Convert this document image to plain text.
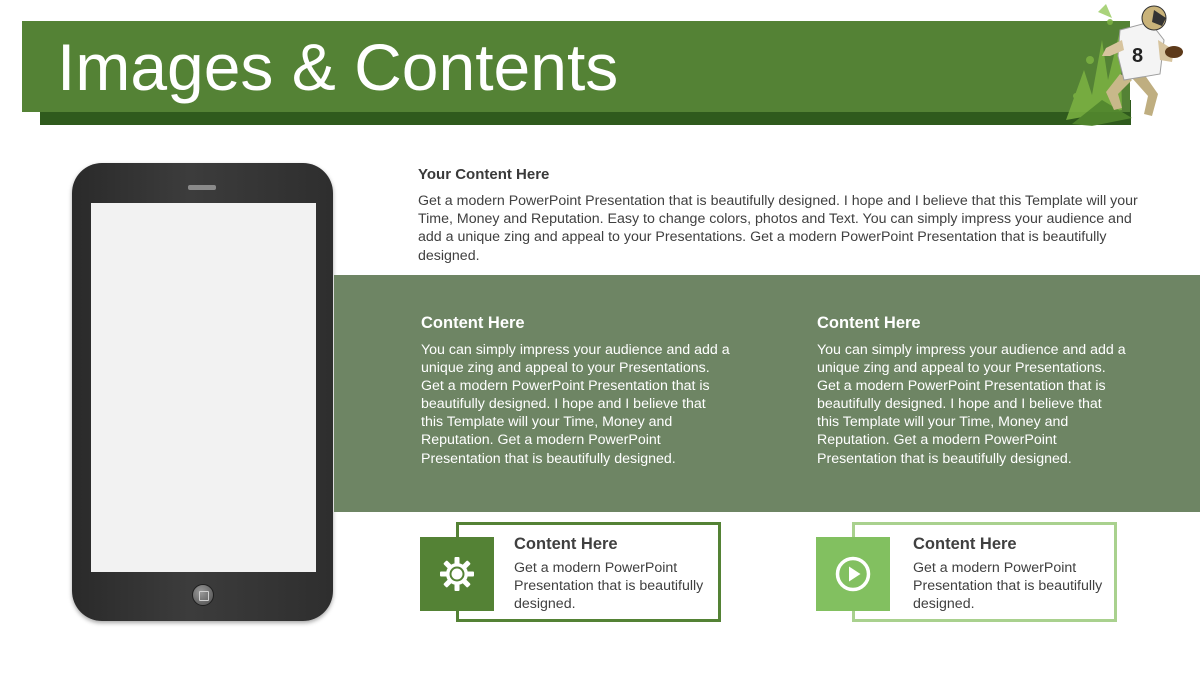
Images & Contents	8
Your Content Here

Get a modern PowerPoint Presentation that is beautifully designed. I hope and I believe that this Template will your Time, Money and Reputation. Easy to change colors, photos and Text. You can simply impress your audience and add a unique zing and appeal to your Presentations. Get a modern PowerPoint Presentation that is beautifully designed.

Content Here

You can simply impress your audience and add a unique zing and appeal to your Presentations. Get a modern PowerPoint Presentation that is beautifully designed. I hope and I believe that this Template will your Time, Money and Reputation. Get a modern PowerPoint Presentation that is beautifully designed.

Content Here

You can simply impress your audience and add a unique zing and appeal to your Presentations. Get a modern PowerPoint Presentation that is beautifully designed. I hope and I believe that this Template will your Time, Money and Reputation. Get a modern PowerPoint Presentation that is beautifully designed.

Content Here

Get a modern PowerPoint Presentation that is beautifully designed.

Content Here

Get a modern PowerPoint Presentation that is beautifully designed.
